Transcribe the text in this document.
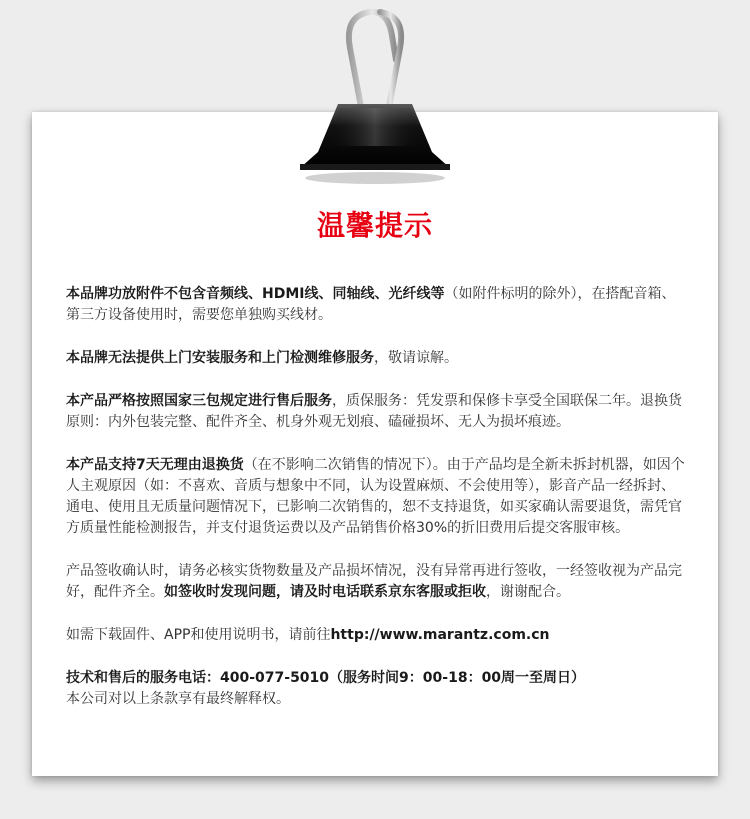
温馨提示

本品牌功放附件不包含音频线、HDMI线、同轴线、光纤线等（如附件标明的除外），在搭配音箱、第三方设备使用时，需要您单独购买线材。

本品牌无法提供上门安装服务和上门检测维修服务，敬请谅解。

本产品严格按照国家三包规定进行售后服务，质保服务：凭发票和保修卡享受全国联保二年。退换货原则：内外包装完整、配件齐全、机身外观无划痕、磕碰损坏、无人为损坏痕迹。

本产品支持7天无理由退换货（在不影响二次销售的情况下）。由于产品均是全新未拆封机器，如因个人主观原因（如：不喜欢、音质与想象中不同，认为设置麻烦、不会使用等），影音产品一经拆封、通电、使用且无质量问题情况下，已影响二次销售的，恕不支持退货，如买家确认需要退货，需凭官方质量性能检测报告，并支付退货运费以及产品销售价格30%的折旧费用后提交客服审核。

产品签收确认时，请务必核实货物数量及产品损坏情况，没有异常再进行签收，一经签收视为产品完好，配件齐全。如签收时发现问题，请及时电话联系京东客服或拒收，谢谢配合。

如需下载固件、APP和使用说明书，请前往http://www.marantz.com.cn

技术和售后的服务电话：400-077-5010（服务时间9：00-18：00周一至周日）
本公司对以上条款享有最终解释权。
